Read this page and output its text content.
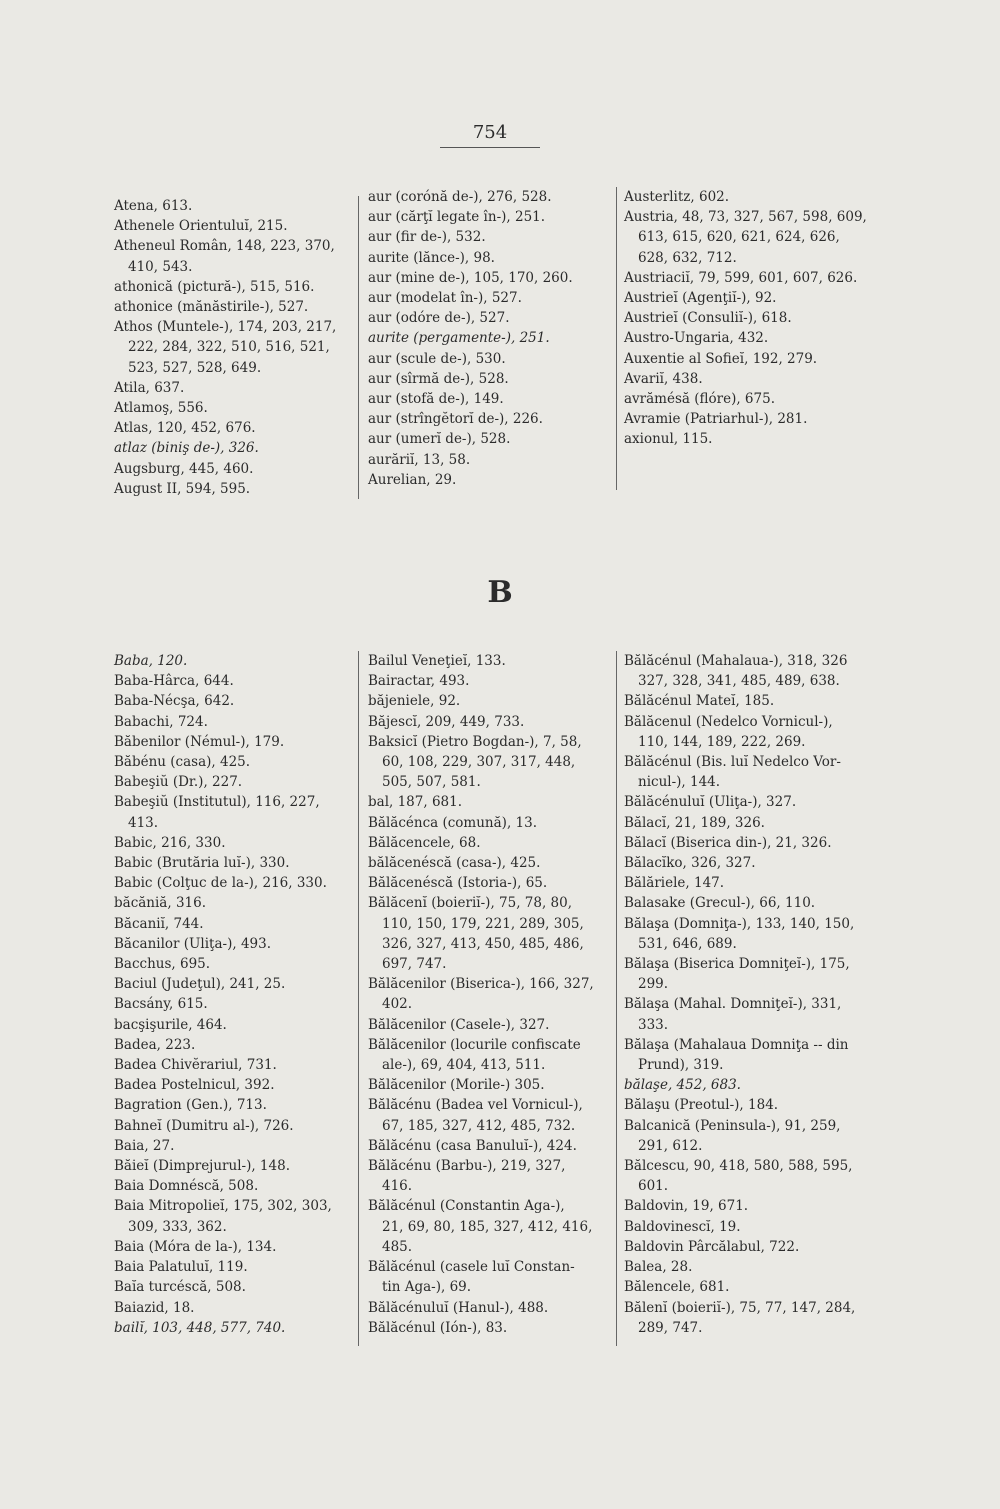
754
Atena, 613.
Athenele Orientuluĭ, 215.
Atheneul Român, 148, 223, 370,
410, 543.
athonică (pictură-), 515, 516.
athonice (mănăstirile-), 527.
Athos (Muntele-), 174, 203, 217,
222, 284, 322, 510, 516, 521,
523, 527, 528, 649.
Atila, 637.
Atlamoş, 556.
Atlas, 120, 452, 676.
atlaz (biniş de-), 326.
Augsburg, 445, 460.
August II, 594, 595.
aur (corónă de-), 276, 528.
aur (cărţĭ legate în-), 251.
aur (fir de-), 532.
aurite (lănce-), 98.
aur (mine de-), 105, 170, 260.
aur (modelat în-), 527.
aur (odóre de-), 527.
aurite (pergamente-), 251.
aur (scule de-), 530.
aur (sîrmă de-), 528.
aur (stofă de-), 149.
aur (strîngĕtorĭ de-), 226.
aur (umerĭ de-), 528.
aurăriĭ, 13, 58.
Aurelian, 29.
Austerlitz, 602.
Austria, 48, 73, 327, 567, 598, 609,
613, 615, 620, 621, 624, 626,
628, 632, 712.
Austriaciĭ, 79, 599, 601, 607, 626.
Austrieĭ (Agenţiĭ-), 92.
Austrieĭ (Consuliĭ-), 618.
Austro-Ungaria, 432.
Auxentie al Sofieĭ, 192, 279.
Avariĭ, 438.
avrămésă (flóre), 675.
Avramie (Patriarhul-), 281.
axionul, 115.
B
Baba, 120.
Baba-Hârca, 644.
Baba-Nécşa, 642.
Babachi, 724.
Băbenilor (Némul-), 179.
Băbénu (casa), 425.
Babeşiŭ (Dr.), 227.
Babeşiŭ (Institutul), 116, 227,
413.
Babic, 216, 330.
Babic (Brutăria luĭ-), 330.
Babic (Colţuc de la-), 216, 330.
băcăniă, 316.
Băcaniĭ, 744.
Băcanilor (Uliţa-), 493.
Bacchus, 695.
Baciul (Judeţul), 241, 25.
Bacsány, 615.
bacşişurile, 464.
Badea, 223.
Badea Chivĕrariul, 731.
Badea Postelnicul, 392.
Bagration (Gen.), 713.
Bahneĭ (Dumitru al-), 726.
Baia, 27.
Băieĭ (Dimprejurul-), 148.
Baia Domnéscă, 508.
Baia Mitropolieĭ, 175, 302, 303,
309, 333, 362.
Baia (Móra de la-), 134.
Baia Palatuluĭ, 119.
Baĭa turcéscă, 508.
Baiazid, 18.
bailĭ, 103, 448, 577, 740.
Bailul Veneţieĭ, 133.
Bairactar, 493.
băjeniele, 92.
Băjescĭ, 209, 449, 733.
Baksicĭ (Pietro Bogdan-), 7, 58,
60, 108, 229, 307, 317, 448,
505, 507, 581.
bal, 187, 681.
Bălăcénca (comună), 13.
Bălăcencele, 68.
bălăcenéscă (casa-), 425.
Bălăcenéscă (Istoria-), 65.
Bălăcenĭ (boieriĭ-), 75, 78, 80,
110, 150, 179, 221, 289, 305,
326, 327, 413, 450, 485, 486,
697, 747.
Bălăcenilor (Biserica-), 166, 327,
402.
Bălăcenilor (Casele-), 327.
Bălăcenilor (locurile confiscate
ale-), 69, 404, 413, 511.
Bălăcenilor (Morile-) 305.
Bălăcénu (Badea vel Vornicul-),
67, 185, 327, 412, 485, 732.
Bălăcénu (casa Banuluĭ-), 424.
Bălăcénu (Barbu-), 219, 327,
416.
Bălăcénul (Constantin Aga-),
21, 69, 80, 185, 327, 412, 416,
485.
Bălăcénul (casele luĭ Constan-
tin Aga-), 69.
Bălăcénuluĭ (Hanul-), 488.
Bălăcénul (Ión-), 83.
Bălăcénul (Mahalaua-), 318, 326
327, 328, 341, 485, 489, 638.
Bălăcénul Mateĭ, 185.
Bălăcenul (Nedelco Vornicul-),
110, 144, 189, 222, 269.
Bălăcénul (Bis. luĭ Nedelco Vor-
nicul-), 144.
Bălăcénuluĭ (Uliţa-), 327.
Bălacĭ, 21, 189, 326.
Bălacĭ (Biserica din-), 21, 326.
Bălacĭko, 326, 327.
Bălăriele, 147.
Balasake (Grecul-), 66, 110.
Bălaşa (Domniţa-), 133, 140, 150,
531, 646, 689.
Bălaşa (Biserica Domniţeĭ-), 175,
299.
Bălaşa (Mahal. Domniţeĭ-), 331,
333.
Bălaşa (Mahalaua Domniţa -- din
Prund), 319.
bălaşe, 452, 683.
Bălaşu (Preotul-), 184.
Balcanică (Peninsula-), 91, 259,
291, 612.
Bălcescu, 90, 418, 580, 588, 595,
601.
Baldovin, 19, 671.
Baldovinescĭ, 19.
Baldovin Pârcălabul, 722.
Balea, 28.
Bălencele, 681.
Bălenĭ (boieriĭ-), 75, 77, 147, 284,
289, 747.
